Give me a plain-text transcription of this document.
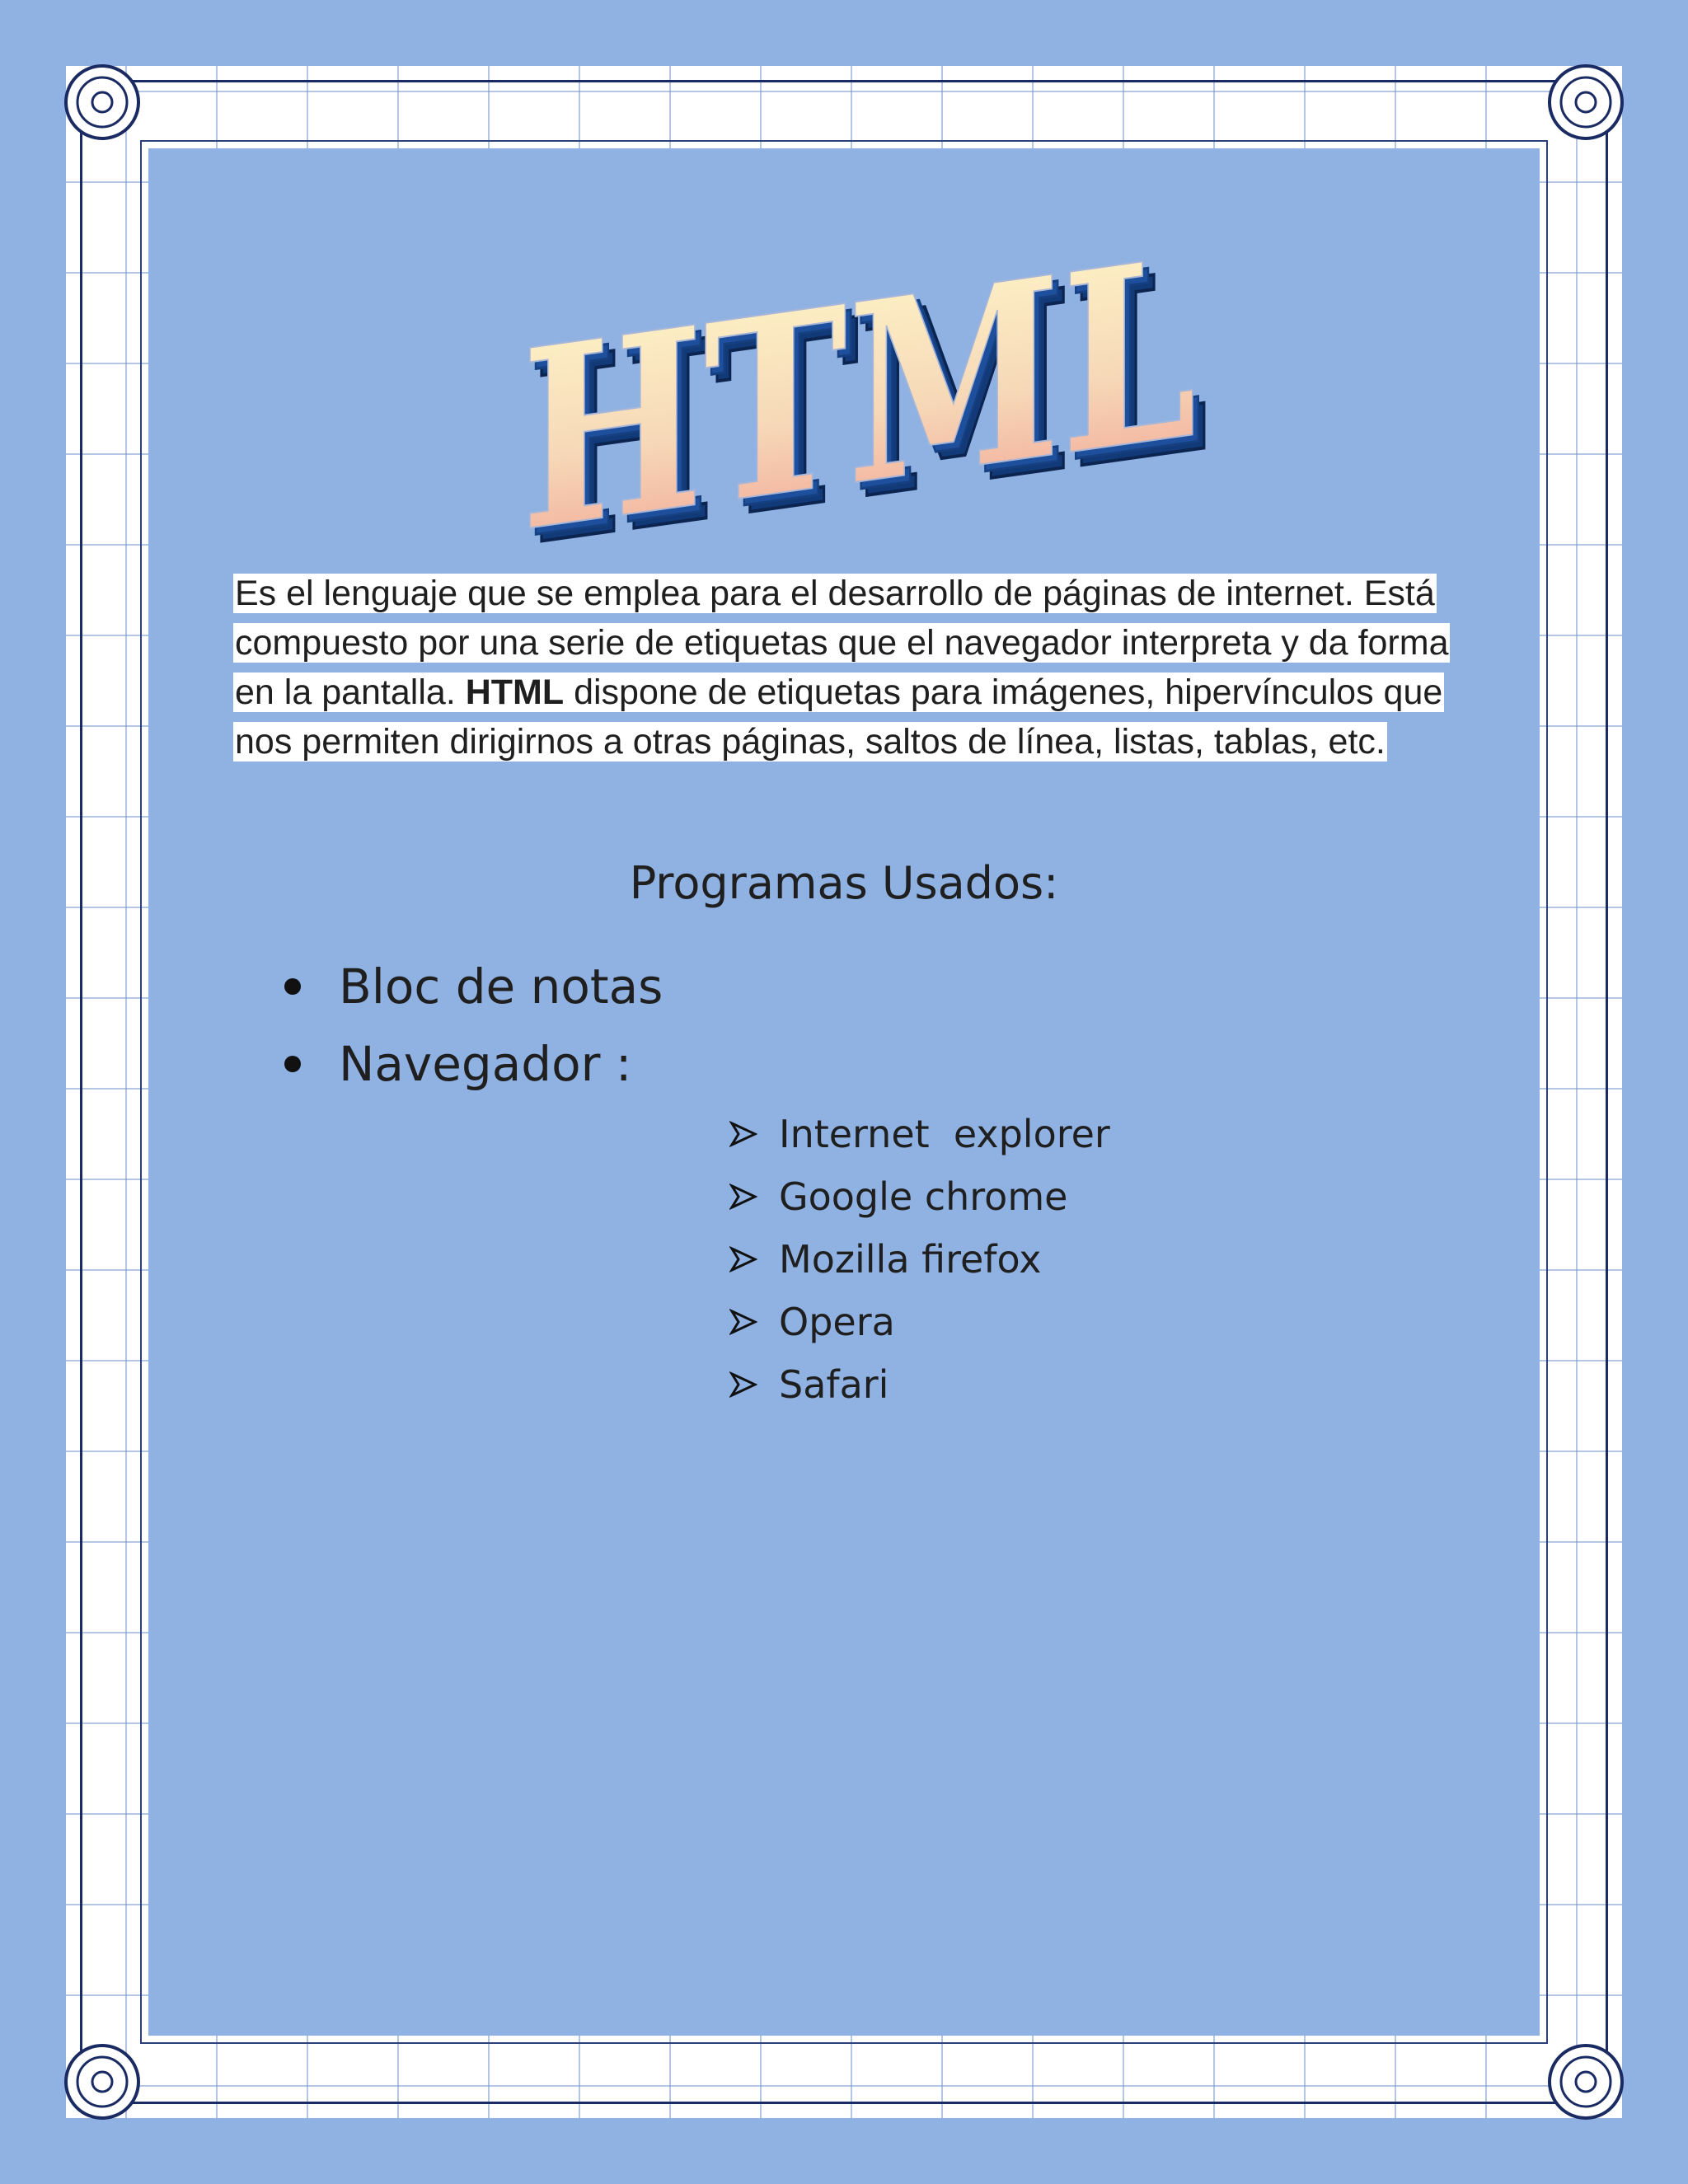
HTML
HTML
HTML
Es el lenguaje que se emplea para el desarrollo de páginas de internet. Está compuesto por una serie de etiquetas que el navegador interpreta y da forma en la pantalla. HTML dispone de etiquetas para imágenes, hipervínculos que nos permiten dirigirnos a otras páginas, saltos de línea, listas, tablas, etc.
Programas Usados:
Bloc de notas
Navegador :
Internet  explorer
Google chrome
Mozilla firefox
Opera
Safari
